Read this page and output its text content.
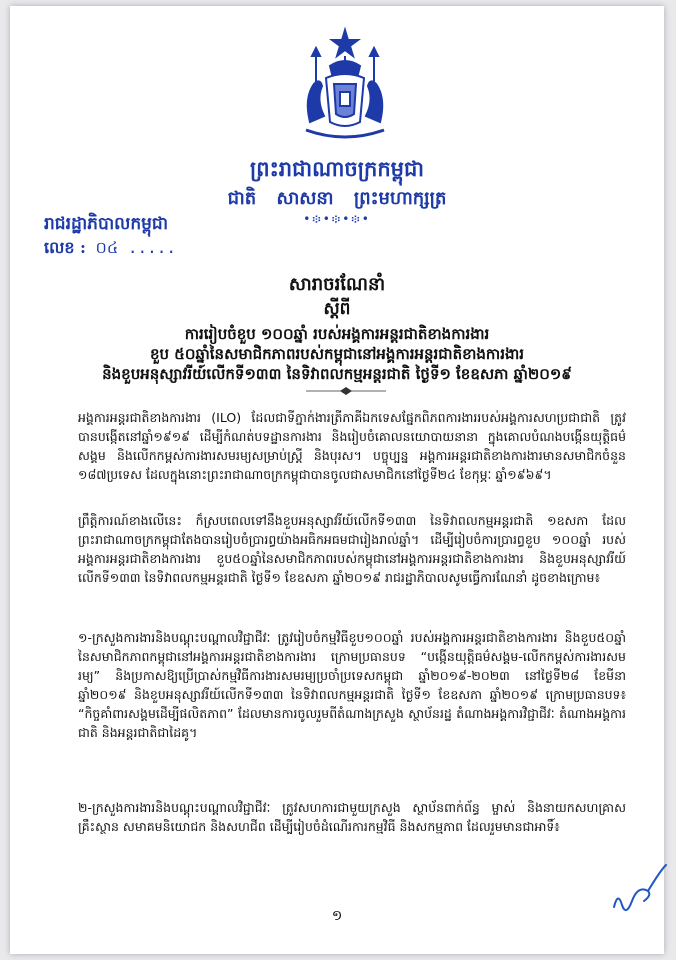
ព្រះរាជាណាចក្រកម្ពុជា
ជាតិ សាសនា ព្រះមហាក្សត្រ
•፨•፨•፨•
រាជរដ្ឋាភិបាលកម្ពុជា
លេខ : ០៤ .....
សារាចរណែនាំ
ស្តីពី
ការរៀបចំខួប ១០០ឆ្នាំ របស់អង្គការអន្តរជាតិខាងការងារ
ខួប ៥០ឆ្នាំនៃសមាជិកភាពរបស់កម្ពុជានៅអង្គការអន្តរជាតិខាងការងារ
និងខួបអនុស្សាវរីយ៍លើកទី១៣៣ នៃទិវាពលកម្មអន្តរជាតិ ថ្ងៃទី១ ខែឧសភា ឆ្នាំ២០១៩
អង្គការអន្តរជាតិខាងការងារ (ILO) ដែលជាទីភ្នាក់ងារត្រីភាគីឯកទេសផ្នែកពិភពការងាររបស់អង្គការសហប្រជាជាតិ ត្រូវបានបង្កើតនៅឆ្នាំ១៩១៩ ដើម្បីកំណត់បទដ្ឋានការងារ និងរៀបចំគោលនយោបាយនានា ក្នុងគោលបំណងបង្កើនយុត្តិធម៌សង្គម និងលើកកម្ពស់ការងារសមរម្យសម្រាប់ស្ត្រី និងបុរស។ បច្ចុប្បន្ន អង្គការអន្តរជាតិខាងការងារមានសមាជិកចំនួន ១៨៧ប្រទេស ដែលក្នុងនោះព្រះរាជាណាចក្រកម្ពុជាបានចូលជាសមាជិកនៅថ្ងៃទី២៤ ខែកុម្ភៈ ឆ្នាំ១៩៦៩។
ព្រឹត្តិការណ៍ខាងលើនេះ ក៏ស្របពេលទៅនឹងខួបអនុស្សាវរីយ៍លើកទី១៣៣ នៃទិវាពលកម្មអន្តរជាតិ ១ឧសភា ដែលព្រះរាជាណាចក្រកម្ពុជាតែងបានរៀបចំប្រារព្ធយ៉ាងអធិកអធមជារៀងរាល់ឆ្នាំ។ ដើម្បីរៀបចំការប្រារព្ធខួប ១០០ឆ្នាំ របស់អង្គការអន្តរជាតិខាងការងារ ខួប៥០ឆ្នាំនៃសមាជិកភាពរបស់កម្ពុជានៅអង្គការអន្តរជាតិខាងការងារ និងខួបអនុស្សាវរីយ៍លើកទី១៣៣ នៃទិវាពលកម្មអន្តរជាតិ ថ្ងៃទី១ ខែឧសភា ឆ្នាំ២០១៩ រាជរដ្ឋាភិបាលសូមធ្វើការណែនាំ ដូចខាងក្រោម៖
១-ក្រសួងការងារនិងបណ្តុះបណ្តាលវិជ្ជាជីវៈ ត្រូវរៀបចំកម្មវិធីខួប១០០ឆ្នាំ របស់អង្គការអន្តរជាតិខាងការងារ និងខួប៥០ឆ្នាំនៃសមាជិកភាពកម្ពុជានៅអង្គការអន្តរជាតិខាងការងារ ក្រោមប្រធានបទ “បង្កើនយុត្តិធម៌សង្គម-លើកកម្ពស់ការងារសមរម្យ” និងប្រកាសឱ្យប្រើប្រាស់កម្មវិធីការងារសមរម្យប្រចាំប្រទេសកម្ពុជា ឆ្នាំ២០១៩-២០២៣ នៅថ្ងៃទី២៨ ខែមីនា ឆ្នាំ២០១៩ និងខួបអនុស្សាវរីយ៍លើកទី១៣៣ នៃទិវាពលកម្មអន្តរជាតិ ថ្ងៃទី១ ខែឧសភា ឆ្នាំ២០១៩ ក្រោមប្រធានបទ៖ “កិច្ចគាំពារសង្គមដើម្បីផលិតភាព” ដែលមានការចូលរួមពីតំណាងក្រសួង ស្ថាប័នរដ្ឋ តំណាងអង្គការវិជ្ជាជីវៈ តំណាងអង្គការជាតិ និងអន្តរជាតិជាដៃគូ។
២-ក្រសួងការងារនិងបណ្តុះបណ្តាលវិជ្ជាជីវៈ ត្រូវសហការជាមួយក្រសួង ស្ថាប័នពាក់ព័ន្ធ ម្ចាស់ និងនាយកសហគ្រាស គ្រឹះស្ថាន សមាគមនិយោជក និងសហជីព ដើម្បីរៀបចំដំណើរការកម្មវិធី និងសកម្មភាព ដែលរួមមានជាអាទិ៍៖
១
